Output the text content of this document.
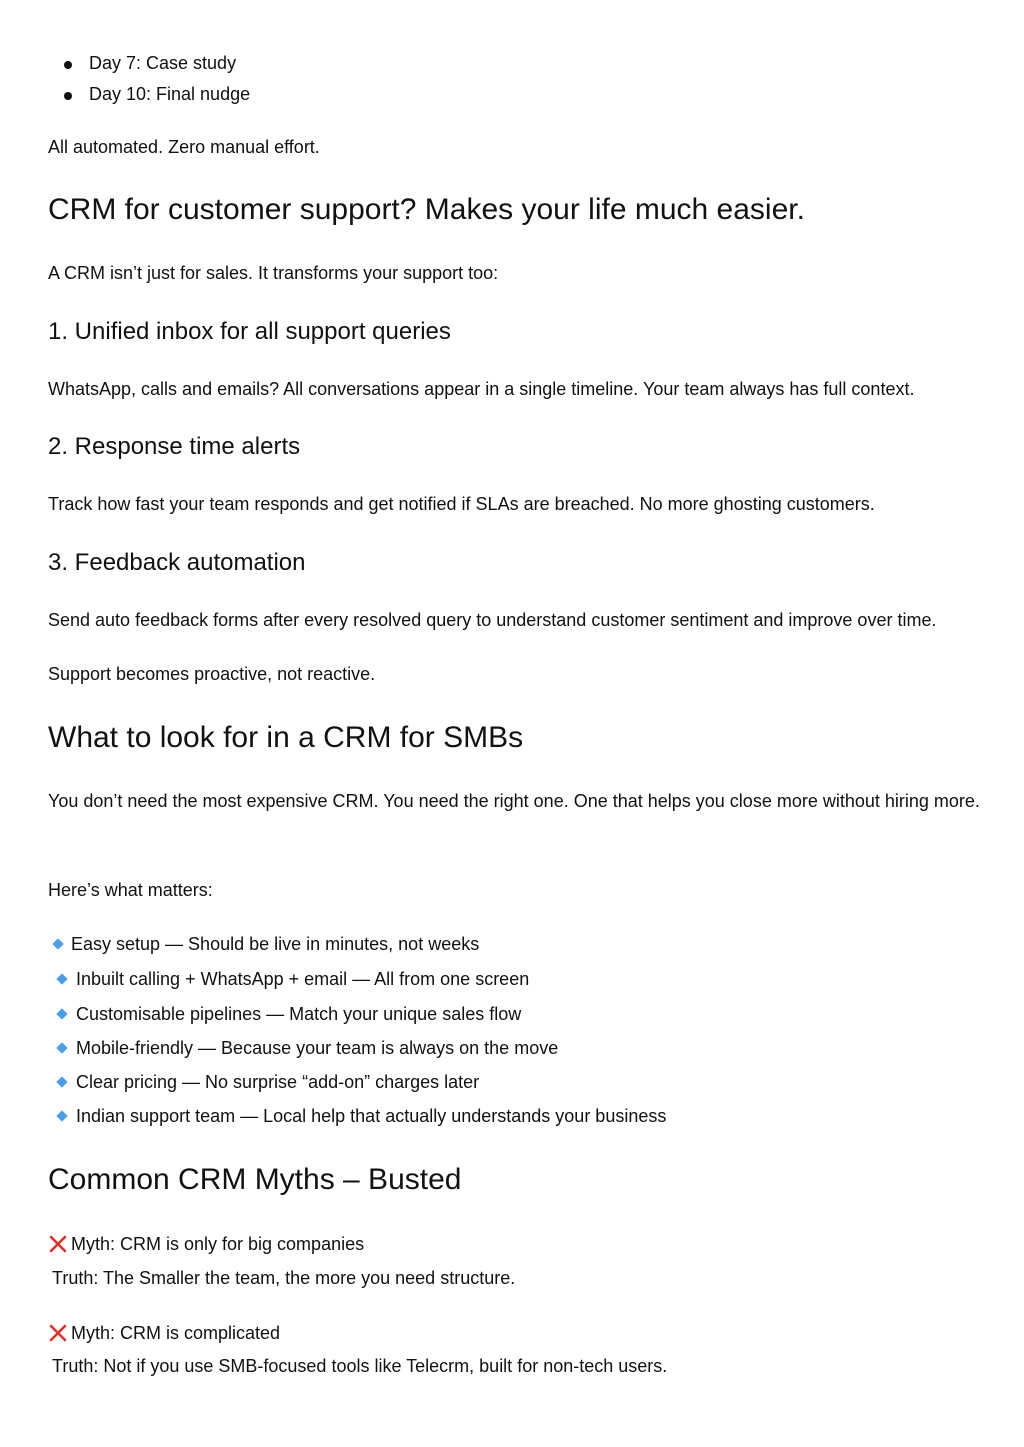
Day 7: Case study

Day 10: Final nudge

All automated. Zero manual effort.

CRM for customer support? Makes your life much easier.

A CRM isn’t just for sales. It transforms your support too:

1. Unified inbox for all support queries

WhatsApp, calls and emails? All conversations appear in a single timeline. Your team always has full context.

2. Response time alerts

Track how fast your team responds and get notified if SLAs are breached. No more ghosting customers.

3. Feedback automation

Send auto feedback forms after every resolved query to understand customer sentiment and improve over time.

Support becomes proactive, not reactive.

What to look for in a CRM for SMBs

You don’t need the most expensive CRM. You need the right one. One that helps you close more without hiring more.

Here’s what matters:

Easy setup — Should be live in minutes, not weeks

Inbuilt calling + WhatsApp + email — All from one screen

Customisable pipelines — Match your unique sales flow

Mobile-friendly — Because your team is always on the move

Clear pricing — No surprise “add-on” charges later

Indian support team — Local help that actually understands your business

Common CRM Myths – Busted

Myth: CRM is only for big companies

Truth: The Smaller the team, the more you need structure.

Myth: CRM is complicated

Truth: Not if you use SMB-focused tools like Telecrm, built for non-tech users.
